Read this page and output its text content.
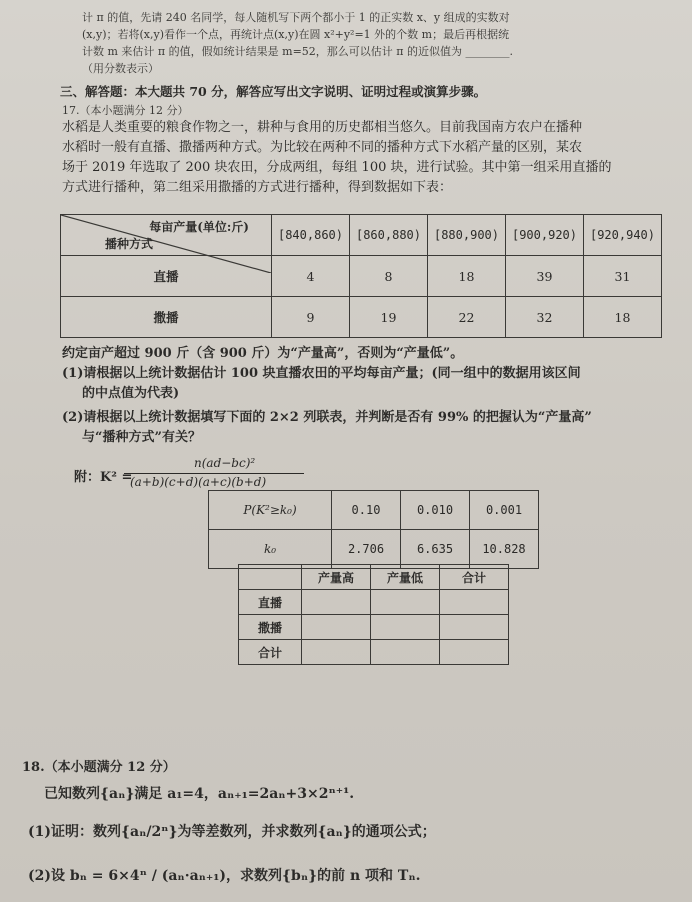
计 π 的值，先请 240 名同学，每人随机写下两个都小于 1 的正实数 x、y 组成的实数对
(x,y)；若将(x,y)看作一个点，再统计点(x,y)在圆 x²+y²=1 外的个数 m；最后再根据统
计数 m 来估计 π 的值，假如统计结果是 m=52，那么可以估计 π 的近似值为 ________.
（用分数表示）
三、解答题：本大题共 70 分，解答应写出文字说明、证明过程或演算步骤。
17.（本小题满分 12 分）
水稻是人类重要的粮食作物之一，耕种与食用的历史都相当悠久。目前我国南方农户在播种
水稻时一般有直播、撒播两种方式。为比较在两种不同的播种方式下水稻产量的区别，某农
场于 2019 年选取了 200 块农田，分成两组，每组 100 块，进行试验。其中第一组采用直播的
方式进行播种，第二组采用撒播的方式进行播种，得到数据如下表：
每亩产量(单位:斤)
播种方式	[840,860)	[860,880)	[880,900)	[900,920)	[920,940)
直播	4	8	18	39	31
撒播	9	19	22	32	18
约定亩产超过 900 斤（含 900 斤）为“产量高”，否则为“产量低”。
(1)请根据以上统计数据估计 100 块直播农田的平均每亩产量；(同一组中的数据用该区间
的中点值为代表)
(2)请根据以上统计数据填写下面的 2×2 列联表，并判断是否有 99% 的把握认为“产量高”
与“播种方式”有关？
附：K² =
n(ad−bc)²
(a+b)(c+d)(a+c)(b+d)
P(K²≥k₀)	0.10	0.010	0.001
k₀	2.706	6.635	10.828
	产量高	产量低	合计
直播			
撒播			
合计			
18.（本小题满分 12 分）
已知数列{aₙ}满足 a₁=4，aₙ₊₁=2aₙ+3×2ⁿ⁺¹.
(1)证明：数列{aₙ/2ⁿ}为等差数列，并求数列{aₙ}的通项公式；
(2)设 bₙ = 6×4ⁿ / (aₙ·aₙ₊₁)，求数列{bₙ}的前 n 项和 Tₙ.
